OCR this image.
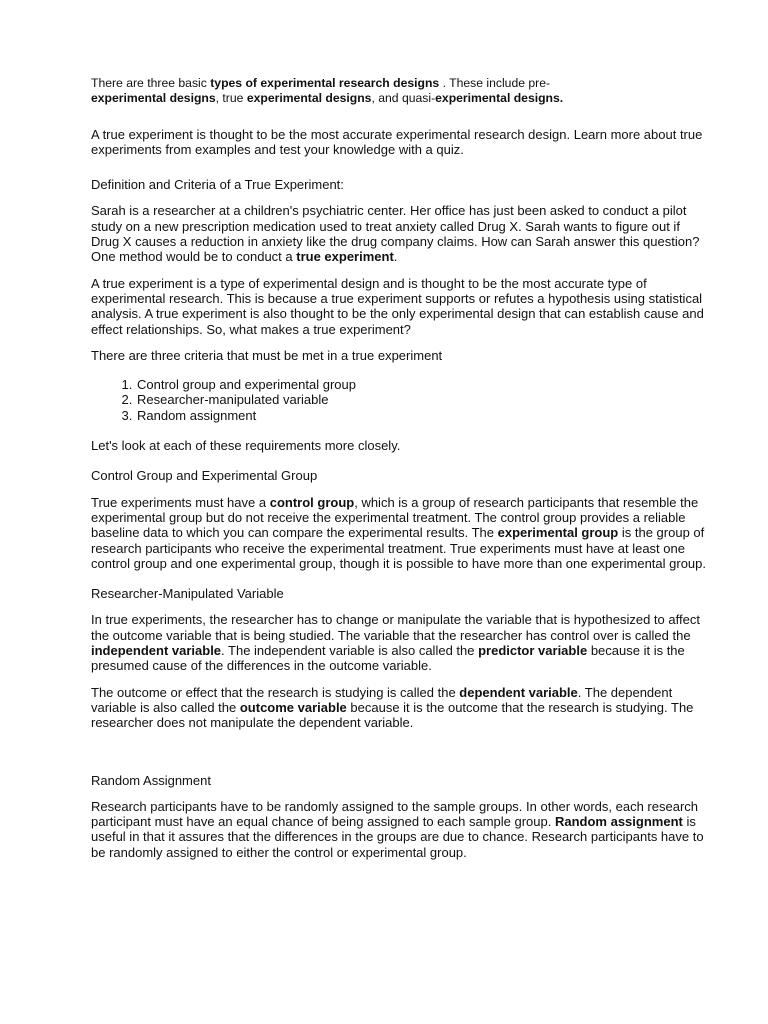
There are three basic types of experimental research designs . These include pre-
experimental designs, true experimental designs, and quasi-experimental designs.

A true experiment is thought to be the most accurate experimental research design. Learn more about true experiments from examples and test your knowledge with a quiz.

Definition and Criteria of a True Experiment:

Sarah is a researcher at a children's psychiatric center. Her office has just been asked to conduct a pilot study on a new prescription medication used to treat anxiety called Drug X. Sarah wants to figure out if Drug X causes a reduction in anxiety like the drug company claims. How can Sarah answer this question? One method would be to conduct a true experiment.

A true experiment is a type of experimental design and is thought to be the most accurate type of experimental research. This is because a true experiment supports or refutes a hypothesis using statistical analysis. A true experiment is also thought to be the only experimental design that can establish cause and effect relationships. So, what makes a true experiment?

There are three criteria that must be met in a true experiment

1. Control group and experimental group
2. Researcher-manipulated variable
3. Random assignment

Let's look at each of these requirements more closely.

Control Group and Experimental Group

True experiments must have a control group, which is a group of research participants that resemble the experimental group but do not receive the experimental treatment. The control group provides a reliable baseline data to which you can compare the experimental results. The experimental group is the group of research participants who receive the experimental treatment. True experiments must have at least one control group and one experimental group, though it is possible to have more than one experimental group.

Researcher-Manipulated Variable

In true experiments, the researcher has to change or manipulate the variable that is hypothesized to affect the outcome variable that is being studied. The variable that the researcher has control over is called the independent variable. The independent variable is also called the predictor variable because it is the presumed cause of the differences in the outcome variable.

The outcome or effect that the research is studying is called the dependent variable. The dependent variable is also called the outcome variable because it is the outcome that the research is studying. The researcher does not manipulate the dependent variable.

Random Assignment

Research participants have to be randomly assigned to the sample groups. In other words, each research participant must have an equal chance of being assigned to each sample group. Random assignment is useful in that it assures that the differences in the groups are due to chance. Research participants have to be randomly assigned to either the control or experimental group.
